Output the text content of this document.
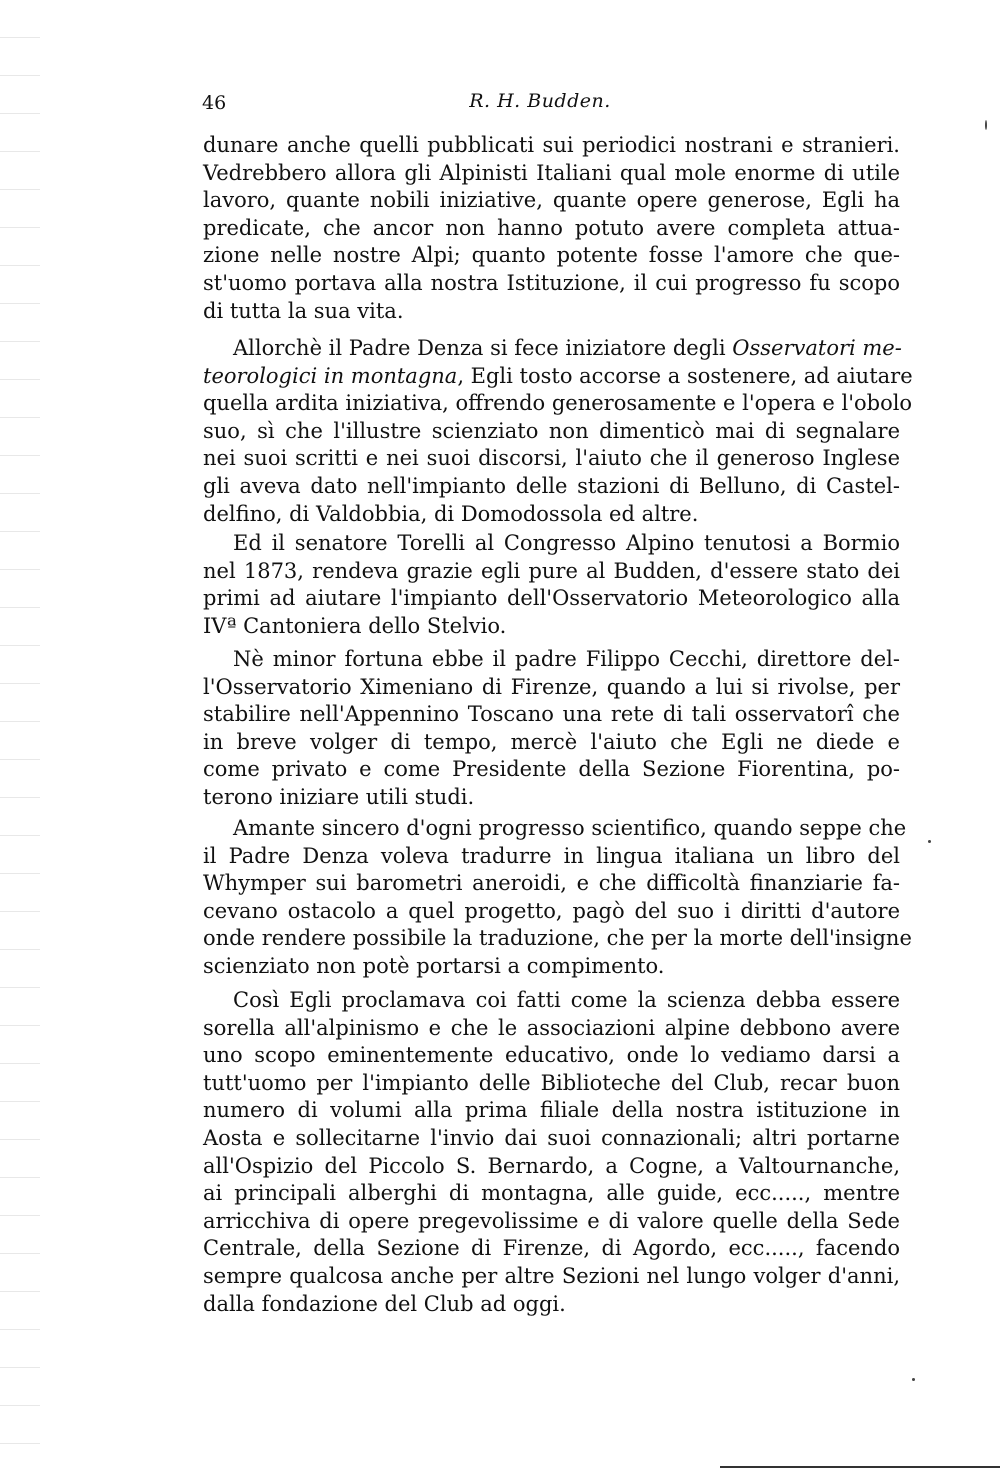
46	R. H. Budden.
dunare anche quelli pubblicati sui periodici nostrani e stranieri.
Vedrebbero allora gli Alpinisti Italiani qual mole enorme di utile
lavoro, quante nobili iniziative, quante opere generose, Egli ha
predicate, che ancor non hanno potuto avere completa attua-
zione nelle nostre Alpi; quanto potente fosse l'amore che que-
st'uomo portava alla nostra Istituzione, il cui progresso fu scopo
di tutta la sua vita.
Allorchè il Padre Denza si fece iniziatore degli Osservatori me-
teorologici in montagna, Egli tosto accorse a sostenere, ad aiutare
quella ardita iniziativa, offrendo generosamente e l'opera e l'obolo
suo, sì che l'illustre scienziato non dimenticò mai di segnalare
nei suoi scritti e nei suoi discorsi, l'aiuto che il generoso Inglese
gli aveva dato nell'impianto delle stazioni di Belluno, di Castel-
delfino, di Valdobbia, di Domodossola ed altre.
Ed il senatore Torelli al Congresso Alpino tenutosi a Bormio
nel 1873, rendeva grazie egli pure al Budden, d'essere stato dei
primi ad aiutare l'impianto dell'Osservatorio Meteorologico alla
IVª Cantoniera dello Stelvio.
Nè minor fortuna ebbe il padre Filippo Cecchi, direttore del-
l'Osservatorio Ximeniano di Firenze, quando a lui si rivolse, per
stabilire nell'Appennino Toscano una rete di tali osservatorî che
in breve volger di tempo, mercè l'aiuto che Egli ne diede e
come privato e come Presidente della Sezione Fiorentina, po-
terono iniziare utili studi.
Amante sincero d'ogni progresso scientifico, quando seppe che
il Padre Denza voleva tradurre in lingua italiana un libro del
Whymper sui barometri aneroidi, e che difficoltà finanziarie fa-
cevano ostacolo a quel progetto, pagò del suo i diritti d'autore
onde rendere possibile la traduzione, che per la morte dell'insigne
scienziato non potè portarsi a compimento.
Così Egli proclamava coi fatti come la scienza debba essere
sorella all'alpinismo e che le associazioni alpine debbono avere
uno scopo eminentemente educativo, onde lo vediamo darsi a
tutt'uomo per l'impianto delle Biblioteche del Club, recar buon
numero di volumi alla prima filiale della nostra istituzione in
Aosta e sollecitarne l'invio dai suoi connazionali; altri portarne
all'Ospizio del Piccolo S. Bernardo, a Cogne, a Valtournanche,
ai principali alberghi di montagna, alle guide, ecc....., mentre
arricchiva di opere pregevolissime e di valore quelle della Sede
Centrale, della Sezione di Firenze, di Agordo, ecc....., facendo
sempre qualcosa anche per altre Sezioni nel lungo volger d'anni,
dalla fondazione del Club ad oggi.
